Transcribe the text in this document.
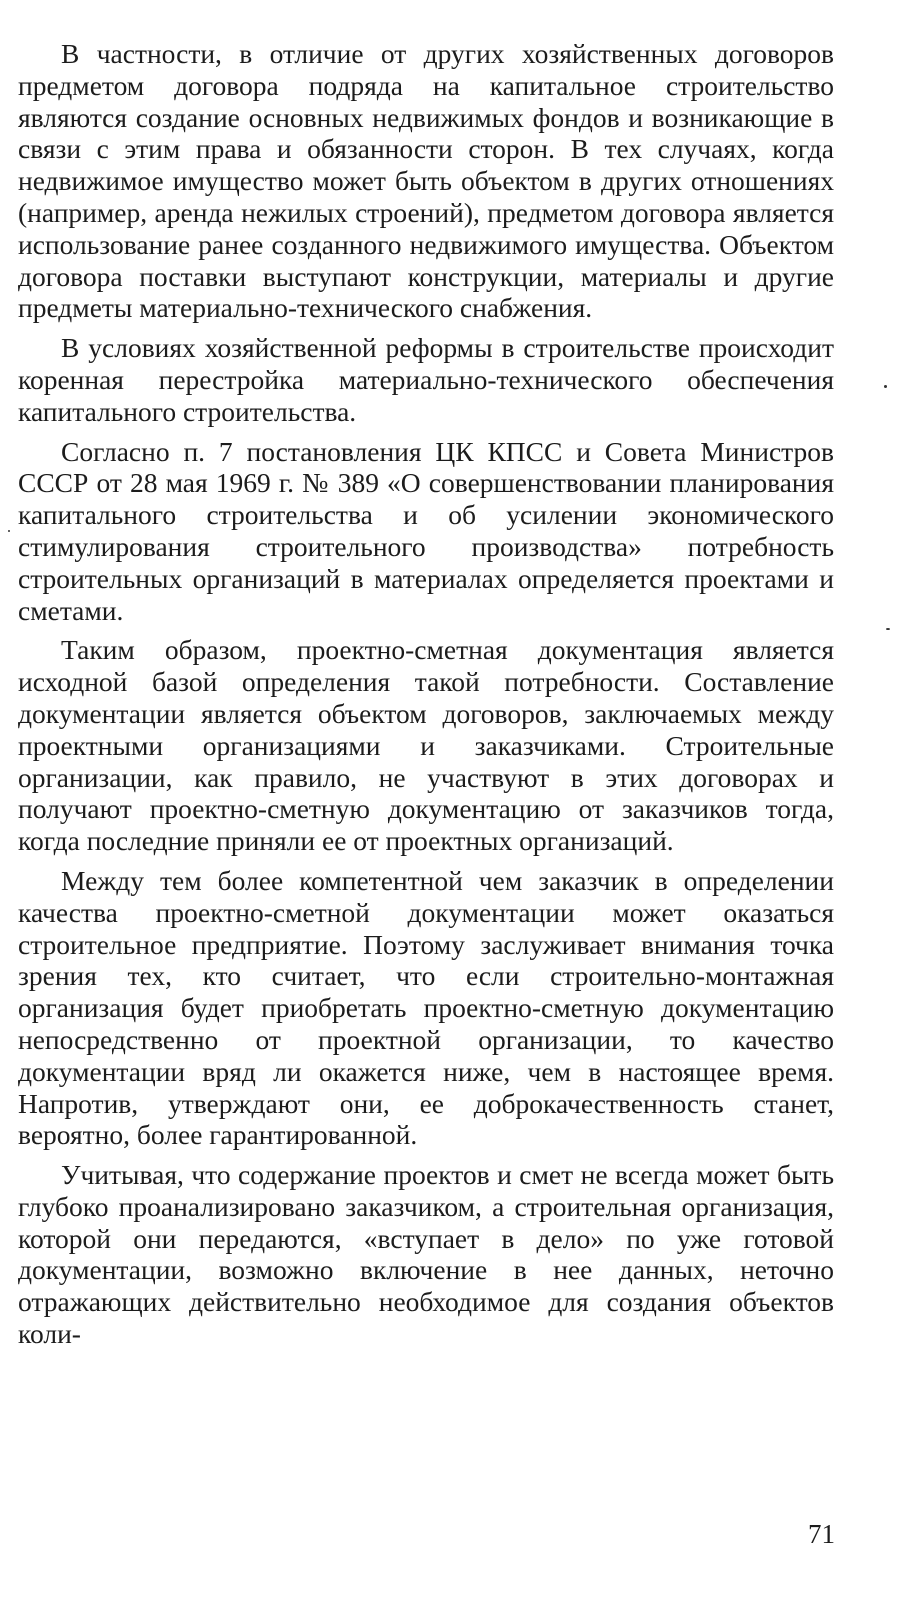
В частности, в отличие от других хозяйственных договоров предметом договора подряда на капитальное строительство являются создание основных недвижимых фондов и возникающие в связи с этим права и обязанности сторон. В тех случаях, когда недвижимое имущество может быть объектом в других отношениях (например, аренда нежилых строений), предметом договора является использование ранее созданного недвижимого имущества. Объектом договора поставки выступают конструкции, материалы и другие предметы материально-технического снабжения.

В условиях хозяйственной реформы в строительстве происходит коренная перестройка материально-технического обеспечения капитального строительства.

Согласно п. 7 постановления ЦК КПСС и Совета Министров СССР от 28 мая 1969 г. № 389 «О совершенствовании планирования капитального строительства и об усилении экономического стимулирования строительного производства» потребность строительных организаций в материалах определяется проектами и сметами.

Таким образом, проектно-сметная документация является исходной базой определения такой потребности. Составление документации является объектом договоров, заключаемых между проектными организациями и заказчиками. Строительные организации, как правило, не участвуют в этих договорах и получают проектно-сметную документацию от заказчиков тогда, когда последние приняли ее от проектных организаций.

Между тем более компетентной чем заказчик в определении качества проектно-сметной документации может оказаться строительное предприятие. Поэтому заслуживает внимания точка зрения тех, кто считает, что если строительно-монтажная организация будет приобретать проектно-сметную документацию непосредственно от проектной организации, то качество документации вряд ли окажется ниже, чем в настоящее время. Напротив, утверждают они, ее доброкачественность станет, вероятно, более гарантированной.

Учитывая, что содержание проектов и смет не всегда может быть глубоко проанализировано заказчиком, а строительная организация, которой они передаются, «вступает в дело» по уже готовой документации, возможно включение в нее данных, неточно отражающих действительно необходимое для создания объектов коли-

71
